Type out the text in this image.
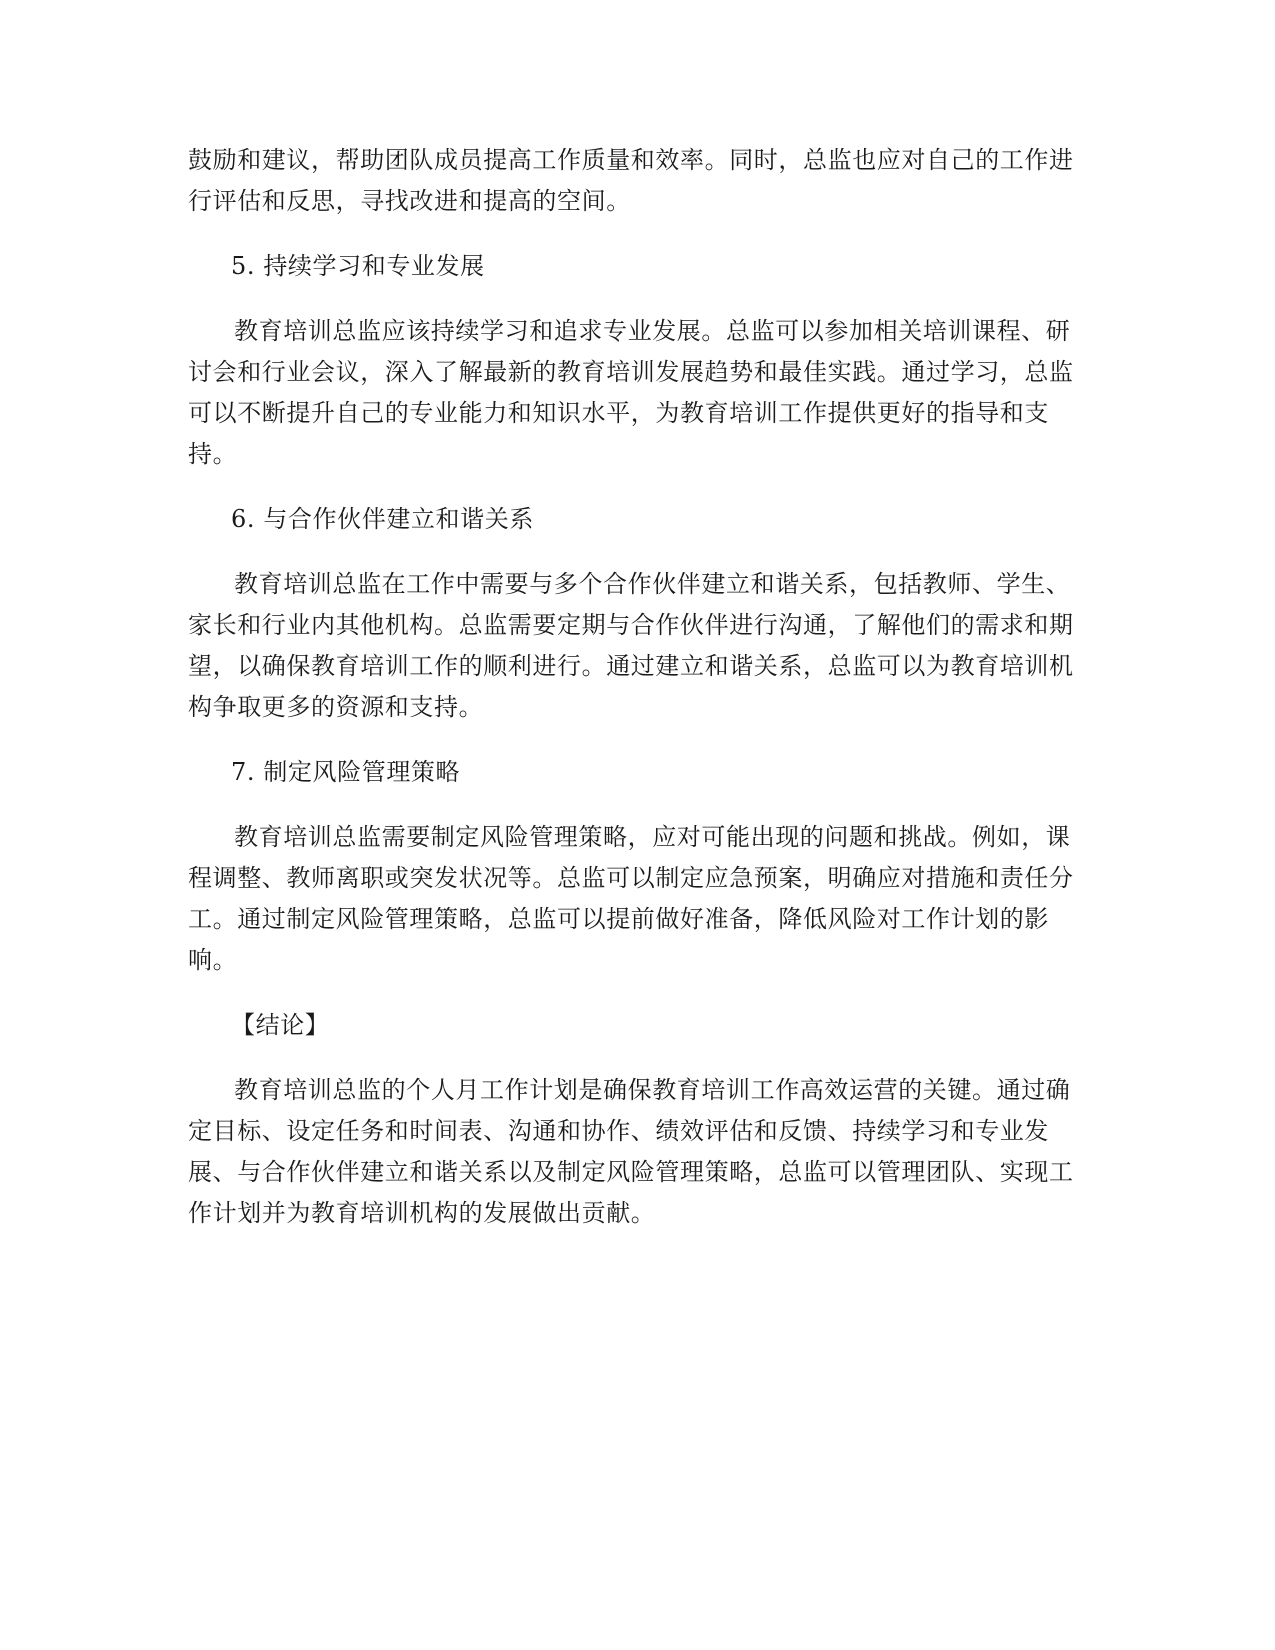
鼓励和建议，帮助团队成员提高工作质量和效率。同时，总监也应对自己的工作进行评估和反思，寻找改进和提高的空间。

5. 持续学习和专业发展

教育培训总监应该持续学习和追求专业发展。总监可以参加相关培训课程、研讨会和行业会议，深入了解最新的教育培训发展趋势和最佳实践。通过学习，总监可以不断提升自己的专业能力和知识水平，为教育培训工作提供更好的指导和支持。

6. 与合作伙伴建立和谐关系

教育培训总监在工作中需要与多个合作伙伴建立和谐关系，包括教师、学生、家长和行业内其他机构。总监需要定期与合作伙伴进行沟通，了解他们的需求和期望，以确保教育培训工作的顺利进行。通过建立和谐关系，总监可以为教育培训机构争取更多的资源和支持。

7. 制定风险管理策略

教育培训总监需要制定风险管理策略，应对可能出现的问题和挑战。例如，课程调整、教师离职或突发状况等。总监可以制定应急预案，明确应对措施和责任分工。通过制定风险管理策略，总监可以提前做好准备，降低风险对工作计划的影响。

【结论】

教育培训总监的个人月工作计划是确保教育培训工作高效运营的关键。通过确定目标、设定任务和时间表、沟通和协作、绩效评估和反馈、持续学习和专业发展、与合作伙伴建立和谐关系以及制定风险管理策略，总监可以管理团队、实现工作计划并为教育培训机构的发展做出贡献。
